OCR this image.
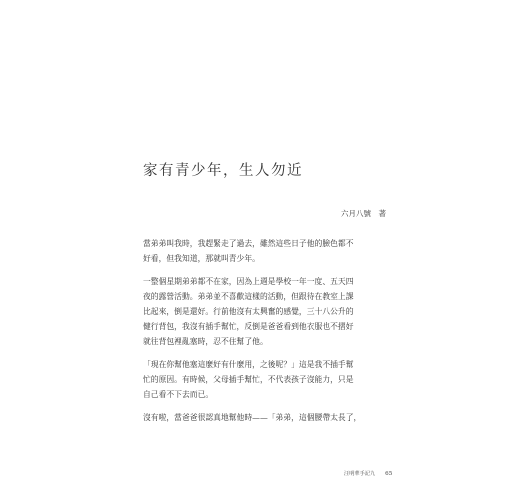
家有青少年，生人勿近
六月八號　著

當弟弟叫我時，我趕緊走了過去，雖然這些日子他的臉色都不
好看，但我知道，那就叫青少年。

一整個星期弟弟都不在家，因為上週是學校一年一度、五天四
夜的露營活動。弟弟並不喜歡這樣的活動，但跟待在教室上課
比起來，倒是還好。行前他沒有太興奮的感覺，三十八公升的
健行背包，我沒有插手幫忙，反倒是爸爸看到他衣服也不摺好
就往背包裡亂塞時，忍不住幫了他。

「現在你幫他塞這麼好有什麼用，之後呢？」這是我不插手幫
忙的原因。有時候，父母插手幫忙，不代表孩子沒能力，只是
自己看不下去而已。

沒有啦，當爸爸很認真地幫他時——「弟弟，這個腰帶太長了，

汪明華手記九 65
